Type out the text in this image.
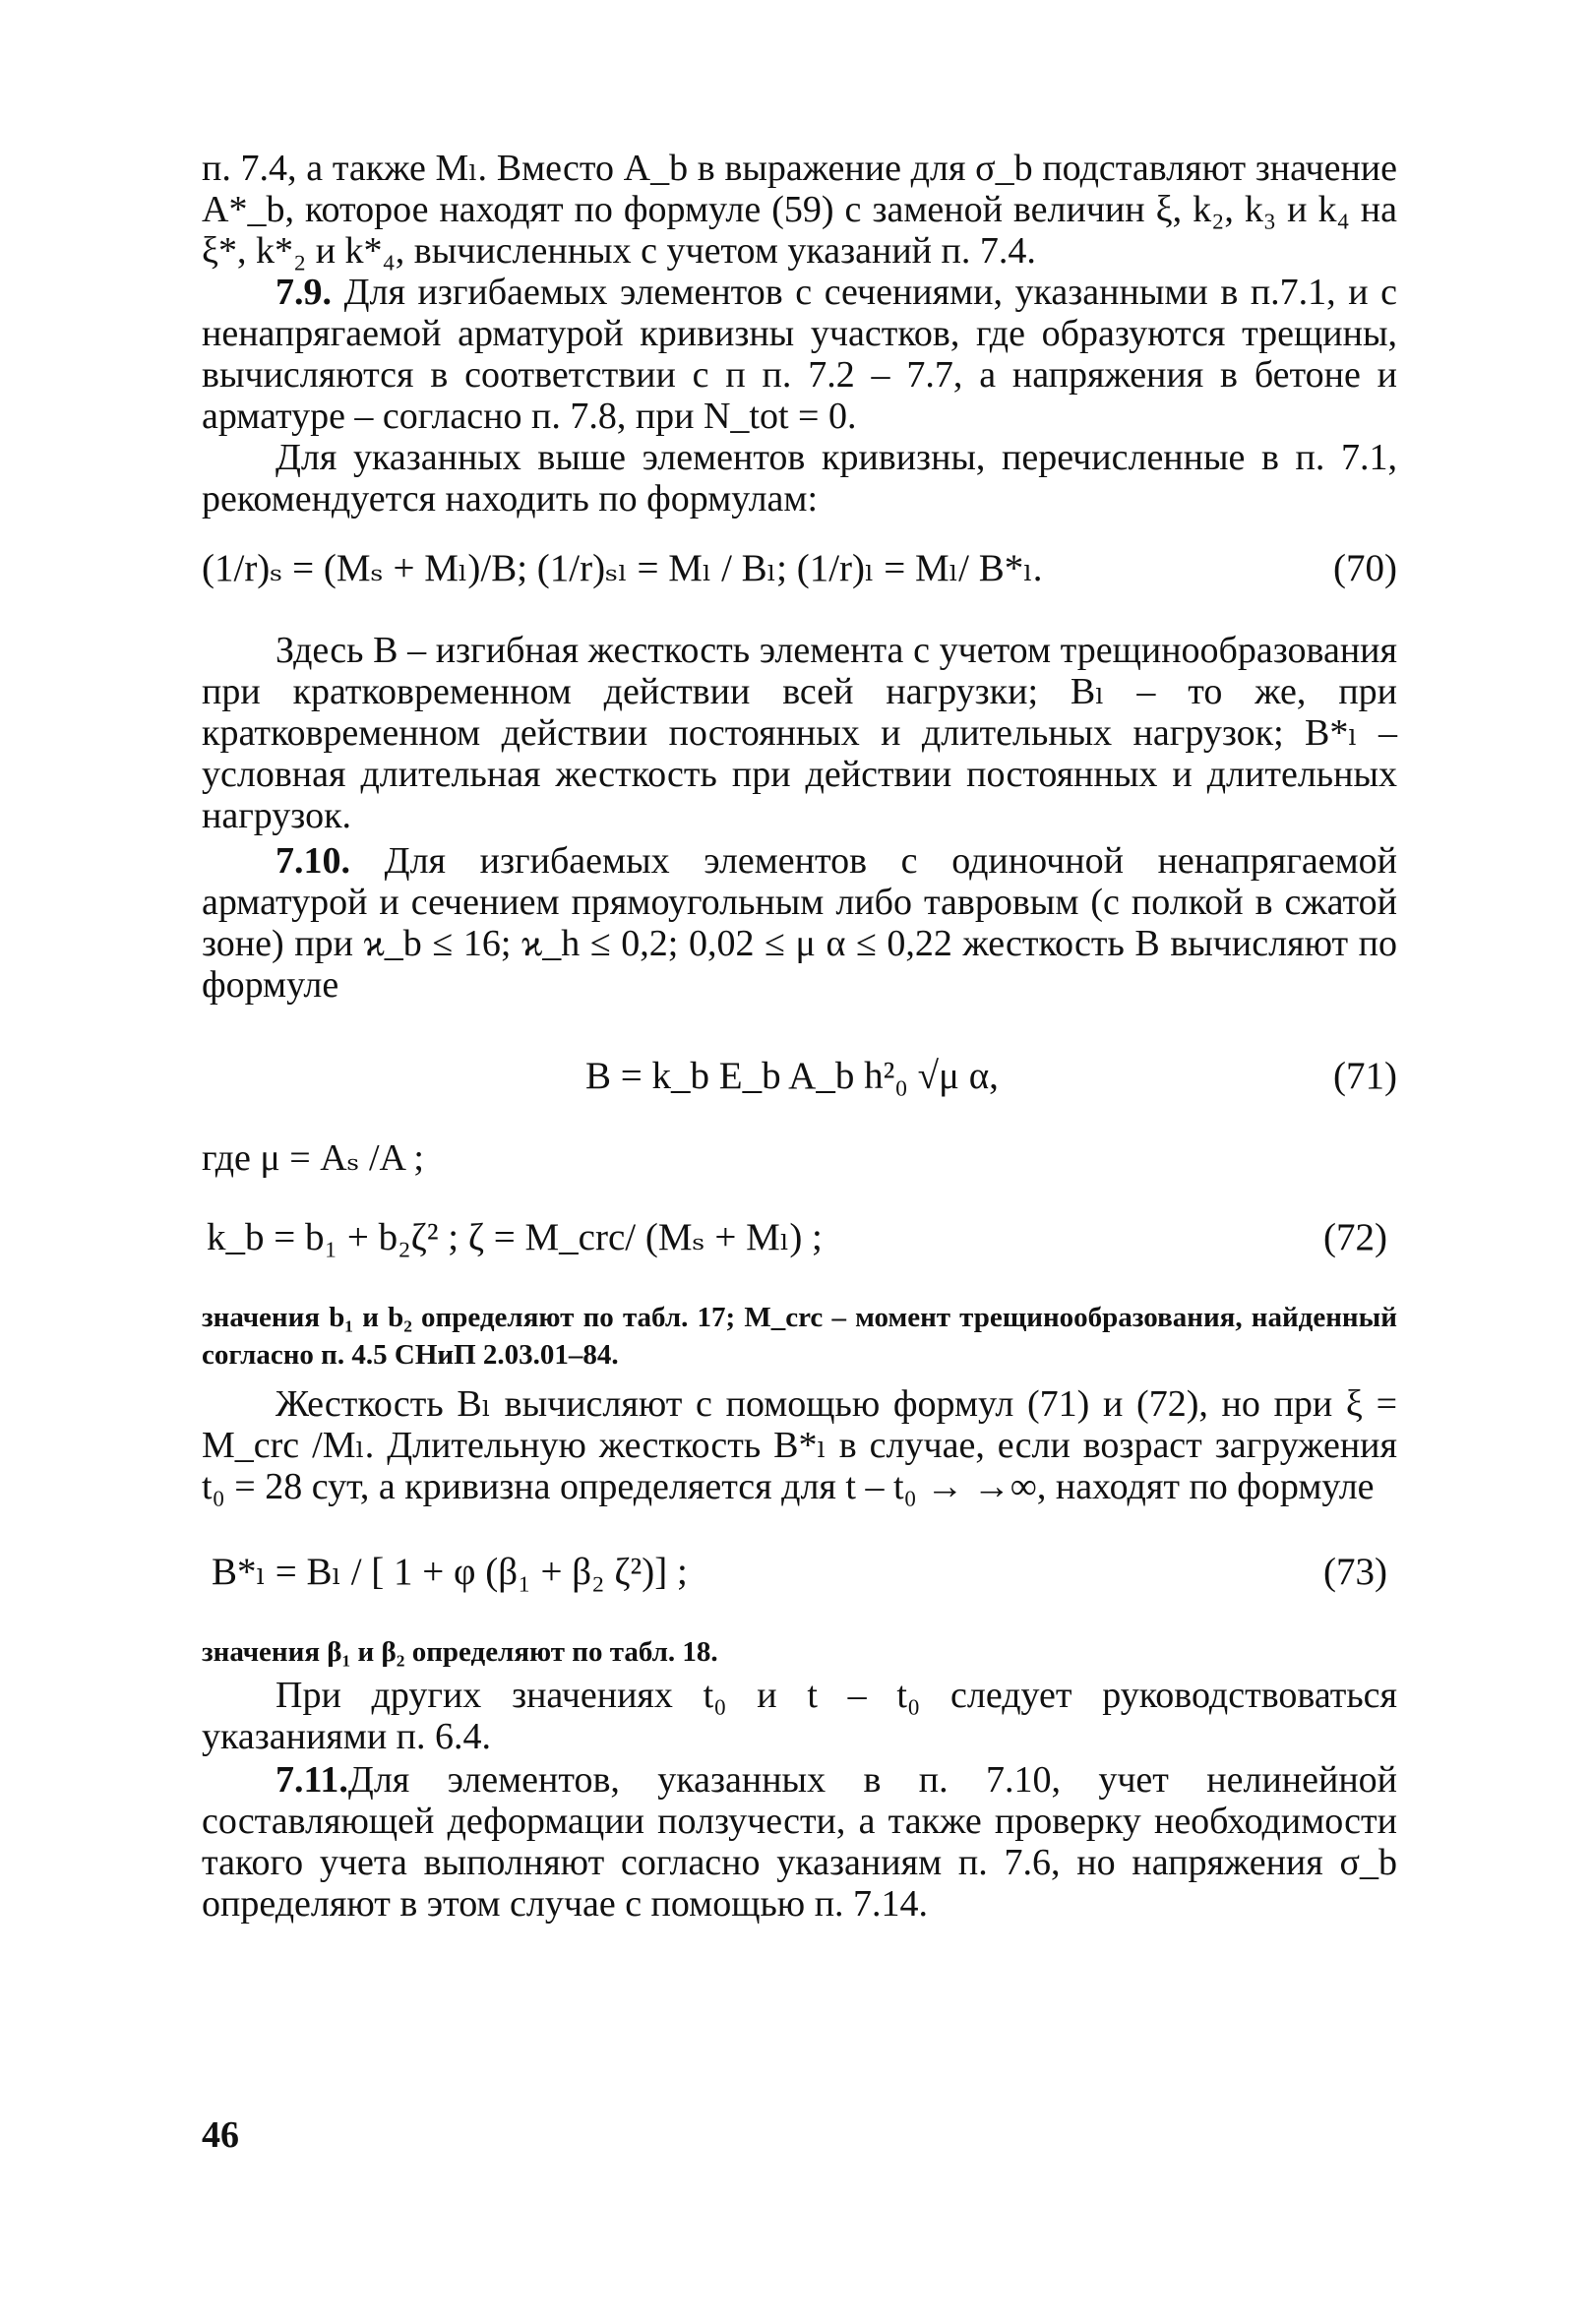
п. 7.4, а также Mₗ. Вместо A_b в выражение для σ_b подставляют значение A*_b, которое находят по формуле (59) с заменой величин ξ, k₂, k₃ и k₄ на ξ*, k*₂ и k*₄, вычисленных с учетом указаний п. 7.4.

7.9. Для изгибаемых элементов с сечениями, указанными в п.7.1, и с ненапрягаемой арматурой кривизны участков, где образуются трещины, вычисляются в соответствии с п п. 7.2 – 7.7, а напряжения в бетоне и арматуре – согласно п. 7.8, при N_tot = 0.

Для указанных выше элементов кривизны, перечисленные в п. 7.1, рекомендуется находить по формулам:

(1/r)ₛ = (Mₛ + Mₗ)/B; (1/r)ₛₗ = Mₗ / Bₗ; (1/r)ₗ = Mₗ/ B*ₗ.	(70)

Здесь B – изгибная жесткость элемента с учетом трещинообразования при кратковременном действии всей нагрузки; Bₗ – то же, при кратковременном действии постоянных и длительных нагрузок; B*ₗ – условная длительная жесткость при действии постоянных и длительных нагрузок.

7.10. Для изгибаемых элементов с одиночной ненапрягаемой арматурой и сечением прямоугольным либо тавровым (с полкой в сжатой зоне) при ϰ_b ≤ 16; ϰ_h ≤ 0,2; 0,02 ≤ μ α ≤ 0,22 жесткость B вычисляют по формуле

B = k_b E_b A_b h²₀ √μ α,	(71)

где μ = Aₛ /A ;

k_b = b₁ + b₂ζ² ; ζ = M_crc/ (Mₛ + Mₗ) ;	(72)

значения b₁ и b₂ определяют по табл. 17; M_crc – момент трещинообразования, найденный согласно п. 4.5 СНиП 2.03.01–84.

Жесткость Bₗ вычисляют с помощью формул (71) и (72), но при ξ = M_crc /Mₗ. Длительную жесткость B*ₗ в случае, если возраст загружения t₀ = 28 сут, а кривизна определяется для t – t₀ → →∞, находят по формуле

B*ₗ = Bₗ / [ 1 + φ (β₁ + β₂ ζ²)] ;	(73)

значения β₁ и β₂ определяют по табл. 18.

При других значениях t₀ и t – t₀ следует руководствоваться указаниями п. 6.4.

7.11.Для элементов, указанных в п. 7.10, учет нелинейной составляющей деформации ползучести, а также проверку необходимости такого учета выполняют согласно указаниям п. 7.6, но напряжения σ_b определяют в этом случае с помощью п. 7.14.

46
